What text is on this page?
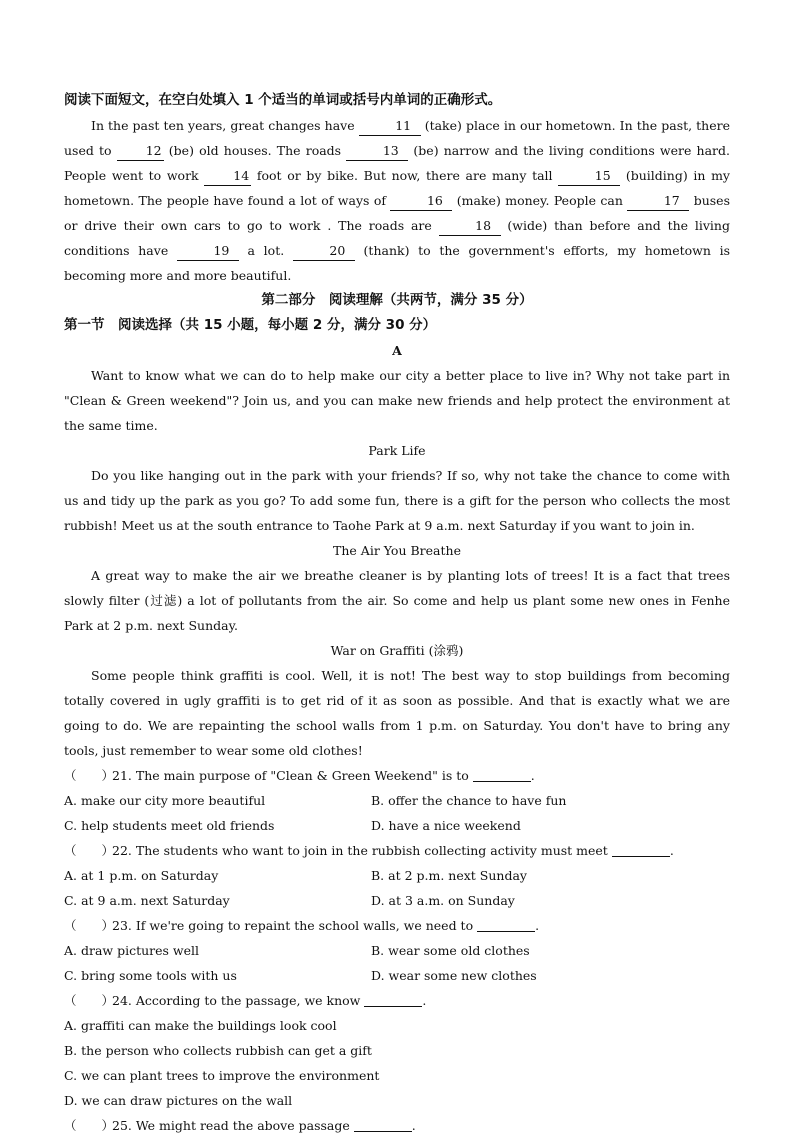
阅读下面短文，在空白处填入 1 个适当的单词或括号内单词的正确形式。
In the past ten years, great changes have	11 (take) place in our hometown. In the past, there used to 12 (be) old houses. The roads	13 (be) narrow and the living conditions were hard. People went to work 14 foot or by bike. But now, there are many tall	15 (building) in my hometown. The people have found a lot of ways of	16 (make) money. People can	17 buses or drive their own cars to go to work . The roads are	18 (wide) than before and the living conditions have	19 a lot.	20 (thank) to the government's efforts, my hometown is becoming more and more beautiful.
第二部分　阅读理解（共两节，满分 35 分）
第一节　阅读选择（共 15 小题，每小题 2 分，满分 30 分）
A
Want to know what we can do to help make our city a better place to live in? Why not take part in "Clean & Green weekend"? Join us, and you can make new friends and help protect the environment at the same time.
Park Life
Do you like hanging out in the park with your friends? If so, why not take the chance to come with us and tidy up the park as you go? To add some fun, there is a gift for the person who collects the most rubbish! Meet us at the south entrance to Taohe Park at 9 a.m. next Saturday if you want to join in.
The Air You Breathe
A great way to make the air we breathe cleaner is by planting lots of trees! It is a fact that trees slowly filter (过滤) a lot of pollutants from the air. So come and help us plant some new ones in Fenhe Park at 2 p.m. next Sunday.
War on Graffiti (涂鸦)
Some people think graffiti is cool. Well, it is not! The best way to stop buildings from becoming totally covered in ugly graffiti is to get rid of it as soon as possible. And that is exactly what we are going to do. We are repainting the school walls from 1 p.m. on Saturday. You don't have to bring any tools, just remember to wear some old clothes!
（　　）21. The main purpose of "Clean & Green Weekend" is to	.
A. make our city more beautiful	B. offer the chance to have fun
C. help students meet old friends	D. have a nice weekend
（　　）22. The students who want to join in the rubbish collecting activity must meet	.
A. at 1 p.m. on Saturday	B. at 2 p.m. next Sunday
C. at 9 a.m. next Saturday	D. at 3 a.m. on Sunday
（　　）23. If we're going to repaint the school walls, we need to	.
A. draw pictures well	B. wear some old clothes
C. bring some tools with us	D. wear some new clothes
（　　）24. According to the passage, we know	.
A. graffiti can make the buildings look cool
B. the person who collects rubbish can get a gift
C. we can plant trees to improve the environment
D. we can draw pictures on the wall
（　　）25. We might read the above passage	.
